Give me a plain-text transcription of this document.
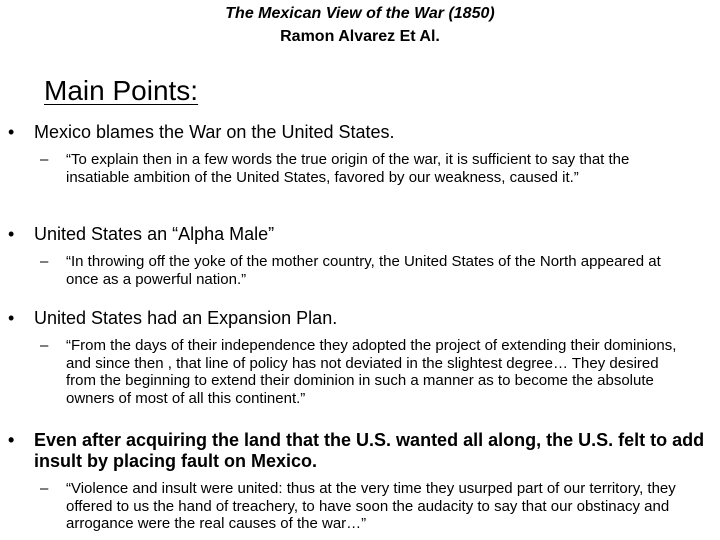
The Mexican View of the War (1850)
Ramon Alvarez Et Al.
Main Points:
• Mexico blames the War on the United States.
– “To explain then in a few words the true origin of the war, it is sufficient to say that the insatiable ambition of the United States, favored by our weakness, caused it.”
• United States an “Alpha Male”
– “In throwing off the yoke of the mother country, the United States of the North appeared at once as a powerful nation.”
• United States had an Expansion Plan.
– “From the days of their independence they adopted the project of extending their dominions, and since then , that line of policy has not deviated in the slightest degree… They desired from the beginning to extend their dominion in such a manner as to become the absolute owners of most of all this continent.”
• Even after acquiring the land that the U.S. wanted all along, the U.S. felt to add insult by placing fault on Mexico.
– “Violence and insult were united: thus at the very time they usurped part of our territory, they offered to us the hand of treachery, to have soon the audacity to say that our obstinacy and arrogance were the real causes of the war…”
